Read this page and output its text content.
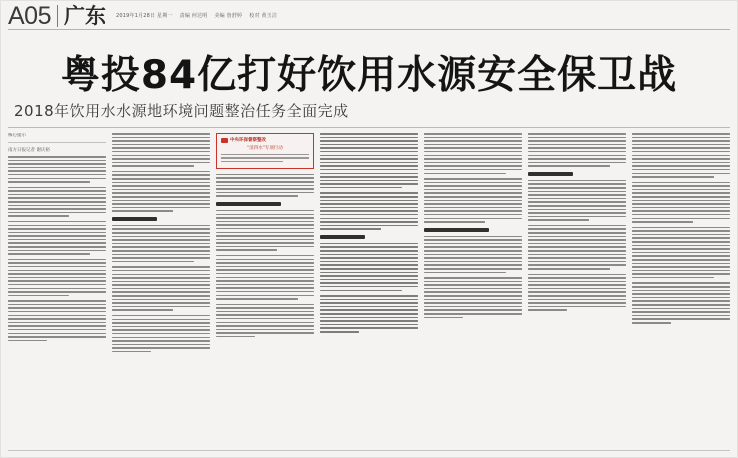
A05 广东 2019年1月28日 星期一 责编 何达明 美编 詹舒婷 校对 黄玉洁
粤投84亿打好饮用水源安全保卫战
2018年饮用水水源地环境问题整治任务全面完成
核心提示
南方日报记者 谢庆裕
中央环保督察整改
"清四水"专项行动
